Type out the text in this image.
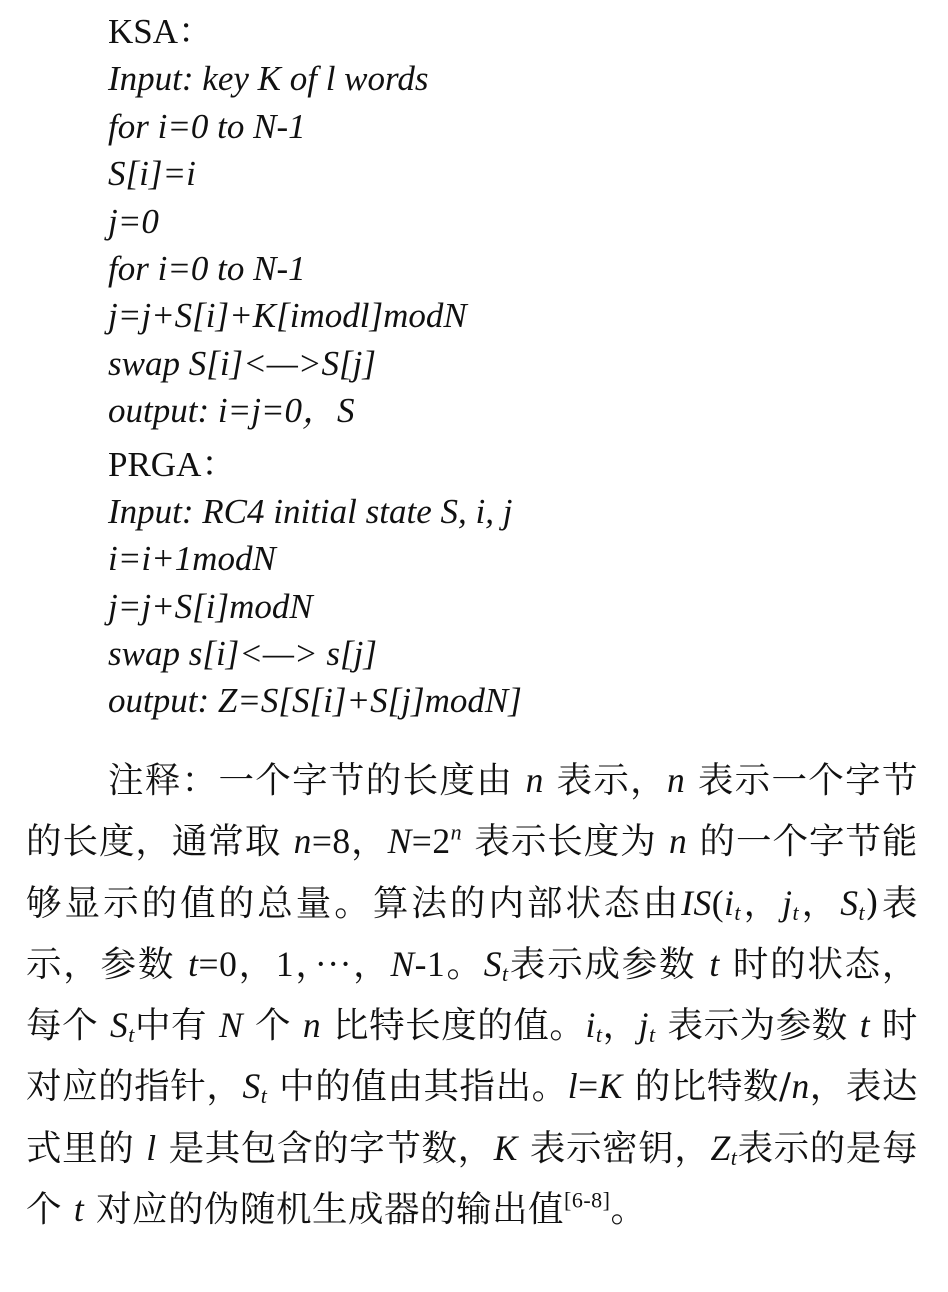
KSA：
Input: key K of l words
for i=0 to N-1
S[i]=i
j=0
for i=0 to N-1
j=j+S[i]+K[imodl]modN
swap S[i]<—>S[j]
output: i=j=0，S
PRGA：
Input: RC4 initial state S, i, j
i=i+1modN
j=j+S[i]modN
swap s[i]<—> s[j]
output: Z=S[S[i]+S[j]modN]
注释：一个字节的长度由 n 表示，n 表示一个字节的长度，通常取 n=8，$N=2^n$ 表示长度为 n 的一个字节能够显示的值的总量。算法的内部状态由$IS(i_t$，$j_t$，$S_t$)表示，参数 t=0，1，···，N-1。$S_t$表示成参数 t 时的状态，每个 $S_t$中有 N 个 n 比特长度的值。$i_t$，$j_t$ 表示为参数 t 时对应的指针，$S_t$ 中的值由其指出。l=K 的比特数/n，表达式里的 l 是其包含的字节数，K 表示密钥，$Z_t$表示的是每个 t 对应的伪随机生成器的输出值[6-8]。
